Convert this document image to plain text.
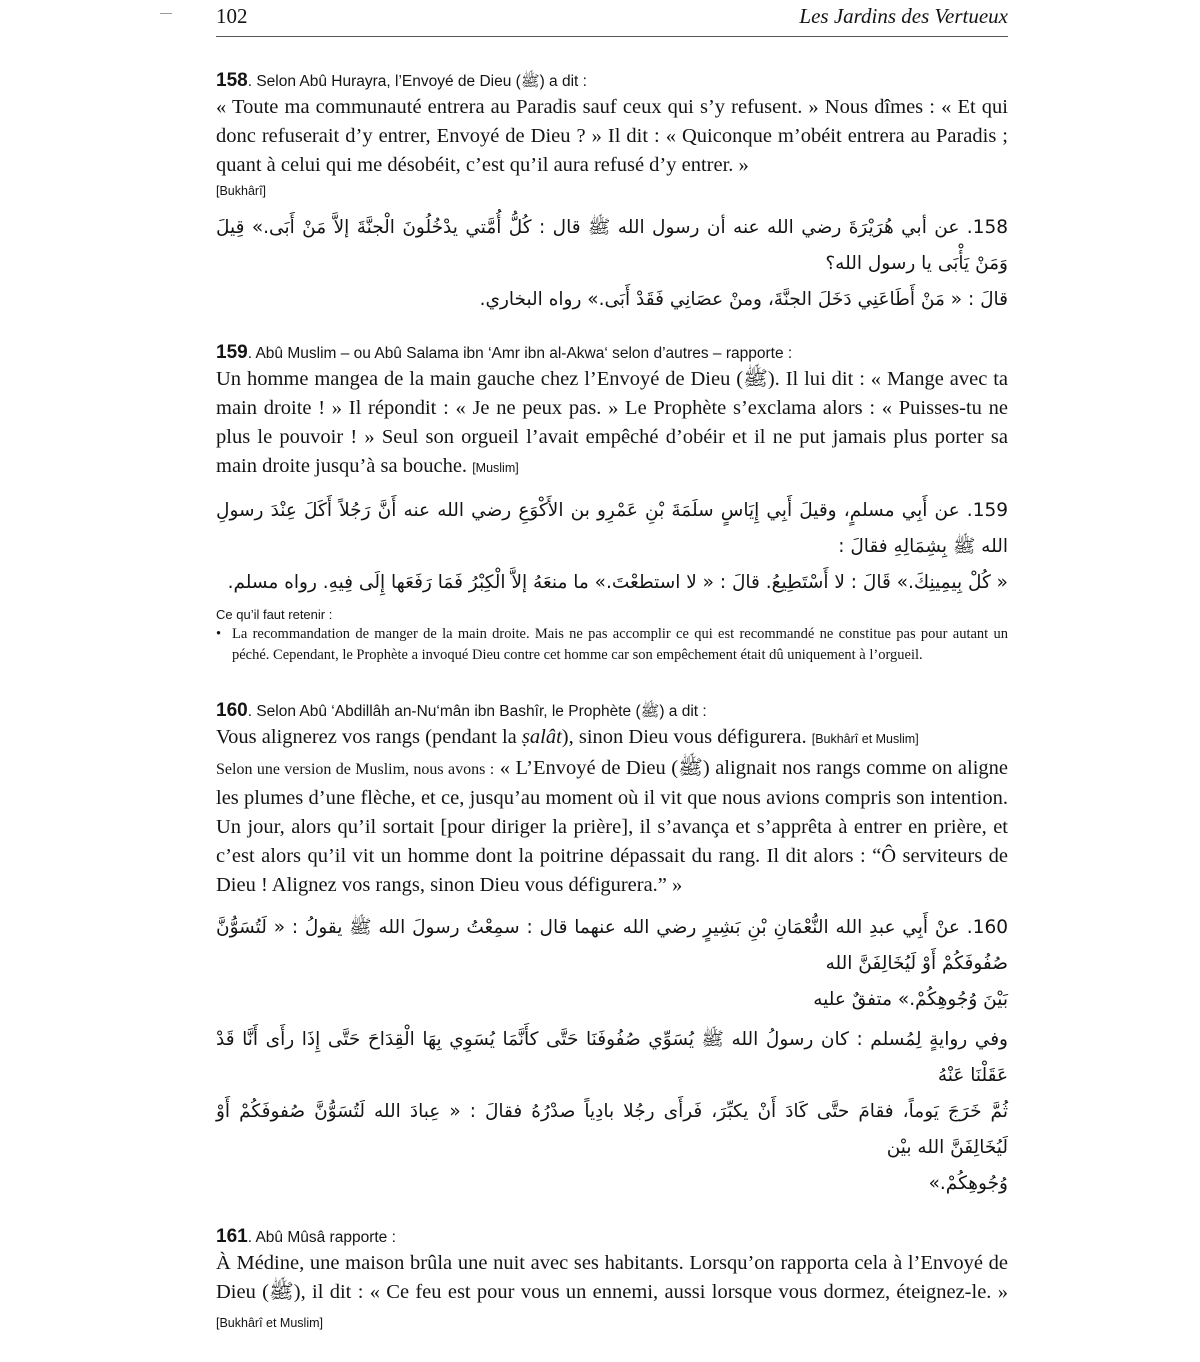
102	Les Jardins des Vertueux

158. Selon Abû Hurayra, l’Envoyé de Dieu (ﷺ) a dit :

« Toute ma communauté entrera au Paradis sauf ceux qui s’y refusent. » Nous dîmes : « Et qui donc refuserait d’y entrer, Envoyé de Dieu ? » Il dit : « Quiconque m’obéit entrera au Paradis ; quant à celui qui me désobéit, c’est qu’il aura refusé d’y entrer. »

[Bukhârî]
158. عن أبي هُرَيْرَةَ رضي الله عنه أن رسول الله ﷺ قال : كُلُّ أُمَّتي يدْخُلُونَ الْجنَّةَ إلاَّ مَنْ أَبَى.» قِيلَ وَمَنْ يَأْبَى يا رسول الله؟
قالَ : « مَنْ أَطَاعَنِي دَخَلَ الجنَّةَ، ومنْ عصَانِي فَقَدْ أَبَى.» رواه البخاري.

159. Abû Muslim – ou Abû Salama ibn ‘Amr ibn al-Akwa‘ selon d’autres – rapporte :

Un homme mangea de la main gauche chez l’Envoyé de Dieu (ﷺ). Il lui dit : « Mange avec ta main droite ! » Il répondit : « Je ne peux pas. » Le Prophète s’exclama alors : « Puisses-tu ne plus le pouvoir ! » Seul son orgueil l’avait empêché d’obéir et il ne put jamais plus porter sa main droite jusqu’à sa bouche. [Muslim]

159. عن أَبِي مسلمٍ، وقيلَ أَبِي إِيَاسٍ سلَمَةَ بْنِ عَمْرِو بن الأَكْوَعِ رضي الله عنه أَنَّ رَجُلاً أَكَلَ عِنْدَ رسولِ الله ﷺ بِشِمَالِهِ فقالَ :
« كُلْ بِيمِينِكَ.» قَالَ : لا أَسْتَطِيعُ. قالَ : « لا استطعْتَ.» ما منعَهُ إلاَّ الْكِبْرُ فَمَا رَفَعَها إِلَى فِيهِ. رواه مسلم.
Ce qu’il faut retenir :
• La recommandation de manger de la main droite. Mais ne pas accomplir ce qui est recommandé ne constitue pas pour autant un péché. Cependant, le Prophète a invoqué Dieu contre cet homme car son empêchement était dû uniquement à l’orgueil.

160. Selon Abû ‘Abdillâh an-Nu‘mân ibn Bashîr, le Prophète (ﷺ) a dit :

Vous alignerez vos rangs (pendant la ṣalât), sinon Dieu vous défigurera. [Bukhârî et Muslim]

Selon une version de Muslim, nous avons : « L’Envoyé de Dieu (ﷺ) alignait nos rangs comme on aligne les plumes d’une flèche, et ce, jusqu’au moment où il vit que nous avions compris son intention. Un jour, alors qu’il sortait [pour diriger la prière], il s’avança et s’apprêta à entrer en prière, et c’est alors qu’il vit un homme dont la poitrine dépassait du rang. Il dit alors : “Ô serviteurs de Dieu ! Alignez vos rangs, sinon Dieu vous défigurera.” »

160. عنْ أَبِي عبدِ الله النُّعْمَانِ بْنِ بَشِيرٍ رضي الله عنهما قال : سمِعْتُ رسولَ الله ﷺ يقولُ : « لَتُسَوُّنَّ صُفُوفَكُمْ أَوْ لَيُخَالِفَنَّ الله
بَيْنَ وُجُوهِكُمْ.» متفقٌ عليه
وفي روايةٍ لِمُسلم : كان رسولُ الله ﷺ يُسَوِّي صُفُوفَنَا حَتَّى كأَنَّمَا يُسَوِي بِهَا الْقِدَاحَ حَتَّى إِذَا رأَى أَنَّا قَدْ عَقَلْنَا عَنْهُ
ثُمَّ خَرَجَ يَوماً، فقامَ حتَّى كَادَ أَنْ يكبِّرَ، فَرأَى رجُلا بادِياً صدْرُهُ فقالَ : « عِبادَ الله لَتُسَوُّنَّ صُفوفَكُمْ أَوْ لَيُخَالِفَنَّ الله بيْن
وُجُوهِكُمْ.»

161. Abû Mûsâ rapporte :

À Médine, une maison brûla une nuit avec ses habitants. Lorsqu’on rapporta cela à l’Envoyé de Dieu (ﷺ), il dit : « Ce feu est pour vous un ennemi, aussi lorsque vous dormez, éteignez-le. » [Bukhârî et Muslim]
